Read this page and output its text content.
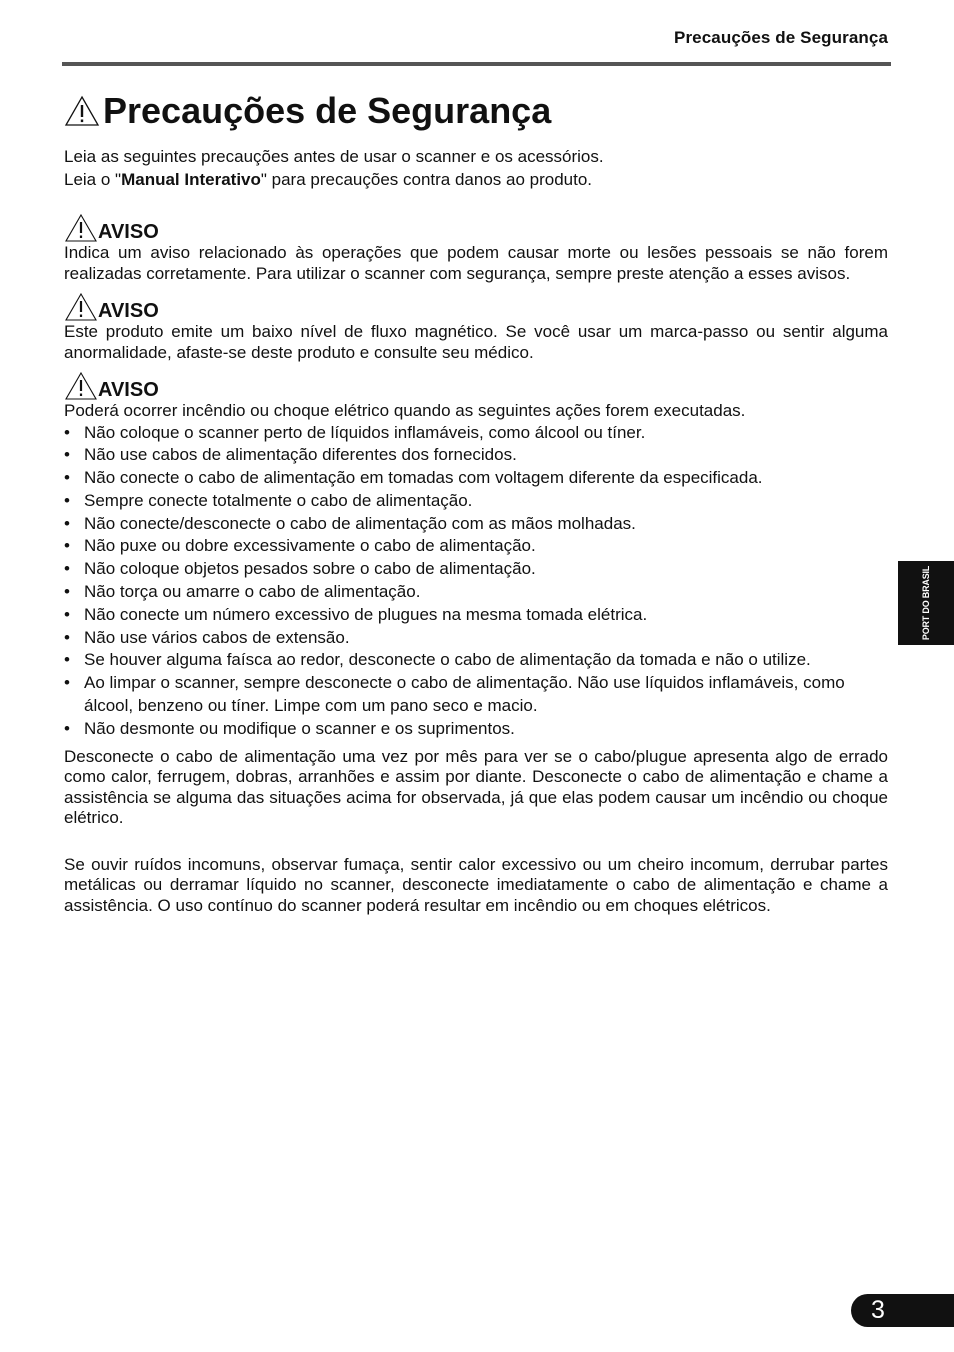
Precauções de Segurança
Precauções de Segurança

Leia as seguintes precauções antes de usar o scanner e os acessórios.

Leia o "Manual Interativo" para precauções contra danos ao produto.

AVISO

Indica um aviso relacionado às operações que podem causar morte ou lesões pessoais se não forem realizadas corretamente. Para utilizar o scanner com segurança, sempre preste atenção a esses avisos.

AVISO

Este produto emite um baixo nível de fluxo magnético. Se você usar um marca-passo ou sentir alguma anormalidade, afaste-se deste produto e consulte seu médico.

AVISO

Poderá ocorrer incêndio ou choque elétrico quando as seguintes ações forem executadas.

• Não coloque o scanner perto de líquidos inflamáveis, como álcool ou tíner.
• Não use cabos de alimentação diferentes dos fornecidos.
• Não conecte o cabo de alimentação em tomadas com voltagem diferente da especificada.
• Sempre conecte totalmente o cabo de alimentação.
• Não conecte/desconecte o cabo de alimentação com as mãos molhadas.
• Não puxe ou dobre excessivamente o cabo de alimentação.
• Não coloque objetos pesados sobre o cabo de alimentação.
• Não torça ou amarre o cabo de alimentação.
• Não conecte um número excessivo de plugues na mesma tomada elétrica.
• Não use vários cabos de extensão.
• Se houver alguma faísca ao redor, desconecte o cabo de alimentação da tomada e não o utilize.
• Ao limpar o scanner, sempre desconecte o cabo de alimentação. Não use líquidos inflamáveis, como álcool, benzeno ou tíner. Limpe com um pano seco e macio.
• Não desmonte ou modifique o scanner e os suprimentos.

Desconecte o cabo de alimentação uma vez por mês para ver se o cabo/plugue apresenta algo de errado como calor, ferrugem, dobras, arranhões e assim por diante. Desconecte o cabo de alimentação e chame a assistência se alguma das situações acima for observada, já que elas podem causar um incêndio ou choque elétrico.

Se ouvir ruídos incomuns, observar fumaça, sentir calor excessivo ou um cheiro incomum, derrubar partes metálicas ou derramar líquido no scanner, desconecte imediatamente o cabo de alimentação e chame a assistência. O uso contínuo do scanner poderá resultar em incêndio ou em choques elétricos.

PORT DO BRASIL
3
